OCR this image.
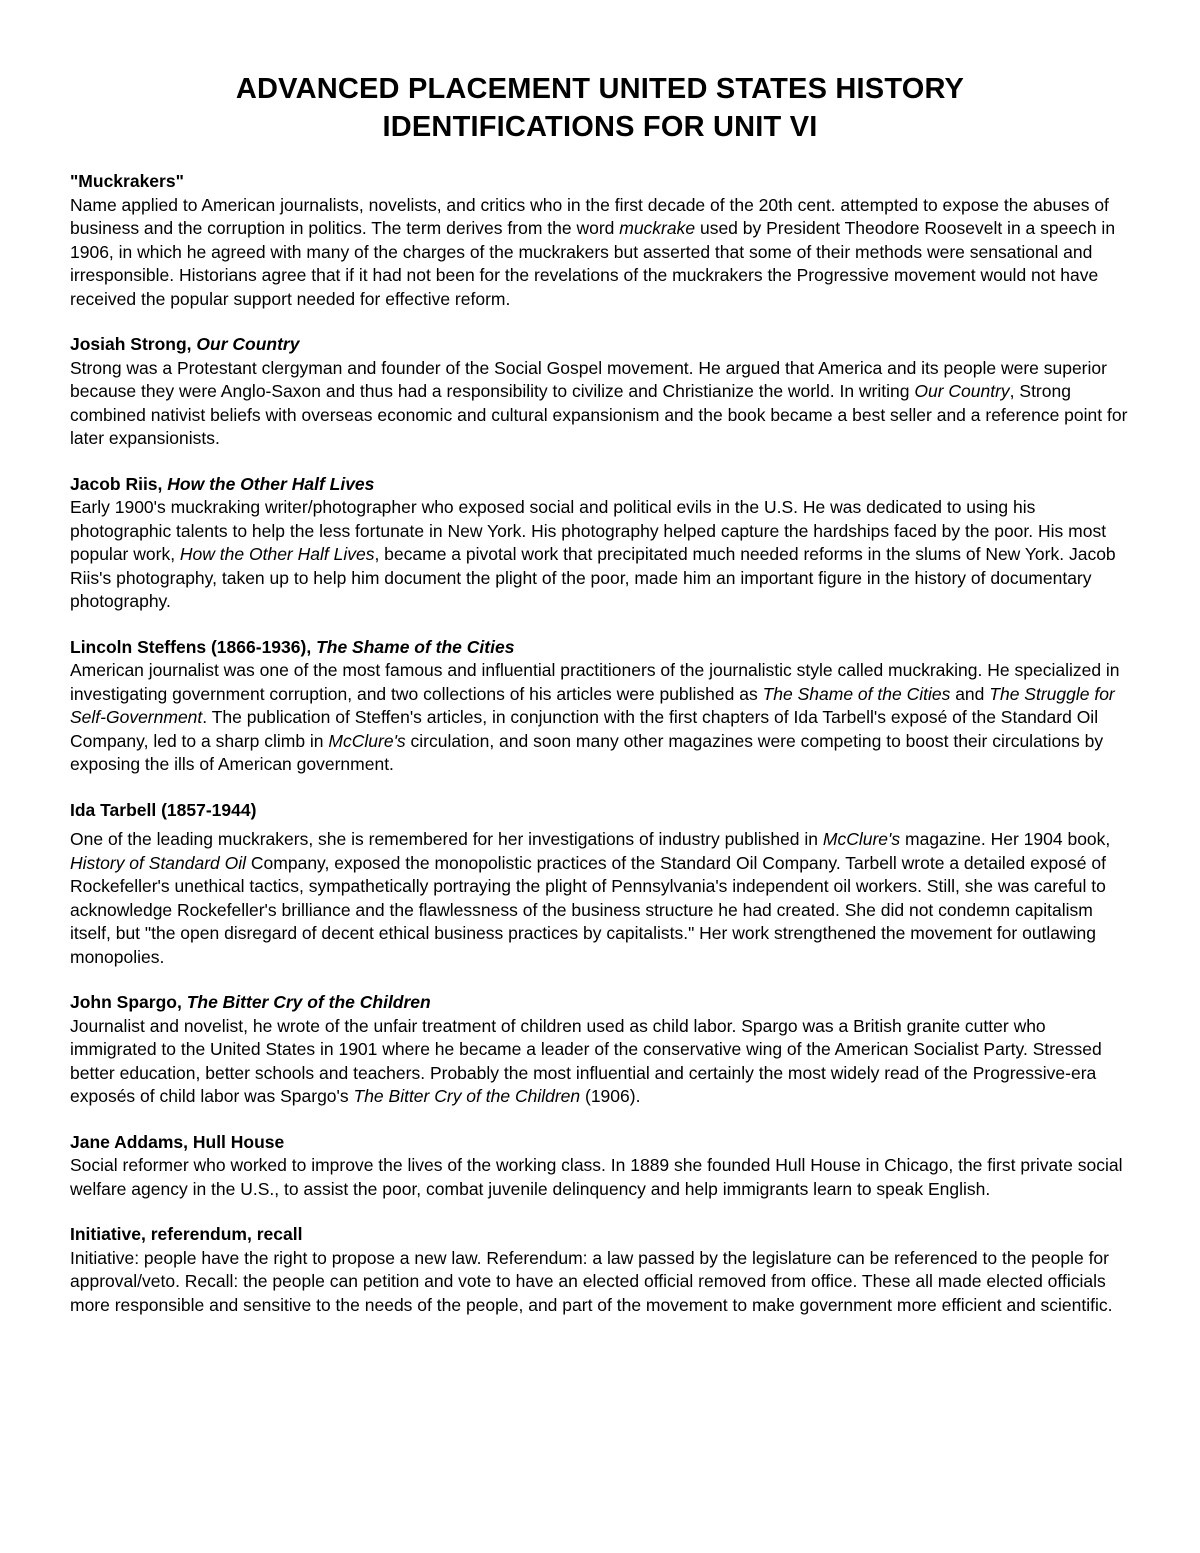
ADVANCED PLACEMENT UNITED STATES HISTORY
IDENTIFICATIONS FOR UNIT VI
"Muckrakers"
Name applied to American journalists, novelists, and critics who in the first decade of the 20th cent. attempted to expose the abuses of business and the corruption in politics. The term derives from the word muckrake used by President Theodore Roosevelt in a speech in 1906, in which he agreed with many of the charges of the muckrakers but asserted that some of their methods were sensational and irresponsible. Historians agree that if it had not been for the revelations of the muckrakers the Progressive movement would not have received the popular support needed for effective reform.
Josiah Strong, Our Country
Strong was a Protestant clergyman and founder of the Social Gospel movement. He argued that America and its people were superior because they were Anglo-Saxon and thus had a responsibility to civilize and Christianize the world. In writing Our Country, Strong combined nativist beliefs with overseas economic and cultural expansionism and the book became a best seller and a reference point for later expansionists.
Jacob Riis, How the Other Half Lives
Early 1900's muckraking writer/photographer who exposed social and political evils in the U.S. He was dedicated to using his photographic talents to help the less fortunate in New York. His photography helped capture the hardships faced by the poor. His most popular work, How the Other Half Lives, became a pivotal work that precipitated much needed reforms in the slums of New York. Jacob Riis's photography, taken up to help him document the plight of the poor, made him an important figure in the history of documentary photography.
Lincoln Steffens (1866-1936), The Shame of the Cities
American journalist was one of the most famous and influential practitioners of the journalistic style called muckraking. He specialized in investigating government corruption, and two collections of his articles were published as The Shame of the Cities and The Struggle for Self-Government. The publication of Steffen's articles, in conjunction with the first chapters of Ida Tarbell's exposé of the Standard Oil Company, led to a sharp climb in McClure's circulation, and soon many other magazines were competing to boost their circulations by exposing the ills of American government.
Ida Tarbell (1857-1944)
One of the leading muckrakers, she is remembered for her investigations of industry published in McClure's magazine. Her 1904 book, History of Standard Oil Company, exposed the monopolistic practices of the Standard Oil Company. Tarbell wrote a detailed exposé of Rockefeller's unethical tactics, sympathetically portraying the plight of Pennsylvania's independent oil workers. Still, she was careful to acknowledge Rockefeller's brilliance and the flawlessness of the business structure he had created. She did not condemn capitalism itself, but "the open disregard of decent ethical business practices by capitalists." Her work strengthened the movement for outlawing monopolies.
John Spargo, The Bitter Cry of the Children
Journalist and novelist, he wrote of the unfair treatment of children used as child labor. Spargo was a British granite cutter who immigrated to the United States in 1901 where he became a leader of the conservative wing of the American Socialist Party. Stressed better education, better schools and teachers. Probably the most influential and certainly the most widely read of the Progressive-era exposés of child labor was Spargo's The Bitter Cry of the Children (1906).
Jane Addams, Hull House
Social reformer who worked to improve the lives of the working class. In 1889 she founded Hull House in Chicago, the first private social welfare agency in the U.S., to assist the poor, combat juvenile delinquency and help immigrants learn to speak English.
Initiative, referendum, recall
Initiative: people have the right to propose a new law. Referendum: a law passed by the legislature can be referenced to the people for approval/veto. Recall: the people can petition and vote to have an elected official removed from office. These all made elected officials more responsible and sensitive to the needs of the people, and part of the movement to make government more efficient and scientific.
